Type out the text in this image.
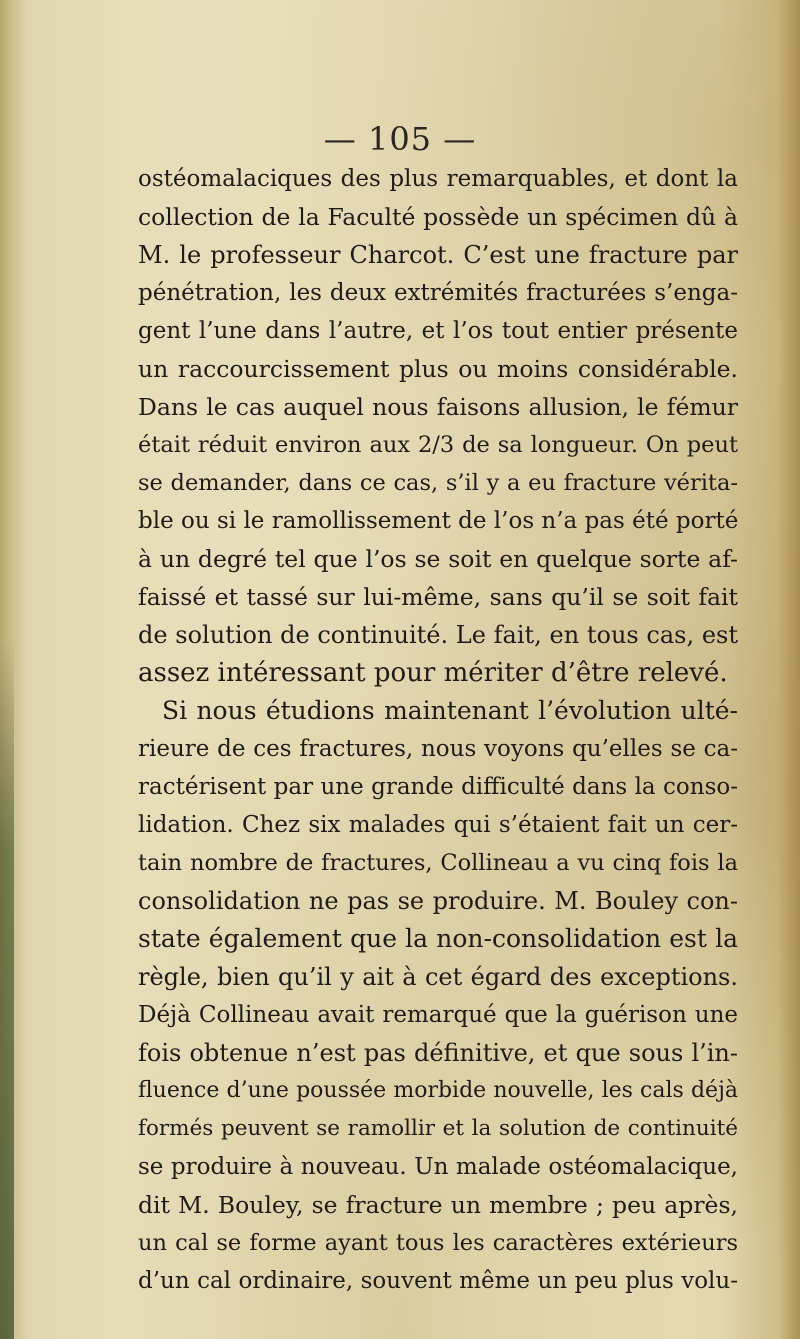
— 105 —
ostéomalaciques des plus remarquables, et dont la
collection de la Faculté possède un spécimen dû à
M. le professeur Charcot. C’est une fracture par
pénétration, les deux extrémités fracturées s’enga-
gent l’une dans l’autre, et l’os tout entier présente
un raccourcissement plus ou moins considérable.
Dans le cas auquel nous faisons allusion, le fémur
était réduit environ aux 2/3 de sa longueur. On peut
se demander, dans ce cas, s’il y a eu fracture vérita-
ble ou si le ramollissement de l’os n’a pas été porté
à un degré tel que l’os se soit en quelque sorte af-
faissé et tassé sur lui-même, sans qu’il se soit fait
de solution de continuité. Le fait, en tous cas, est
assez intéressant pour mériter d’être relevé.
Si nous étudions maintenant l’évolution ulté-
rieure de ces fractures, nous voyons qu’elles se ca-
ractérisent par une grande difficulté dans la conso-
lidation. Chez six malades qui s’étaient fait un cer-
tain nombre de fractures, Collineau a vu cinq fois la
consolidation ne pas se produire. M. Bouley con-
state également que la non-consolidation est la
règle, bien qu’il y ait à cet égard des exceptions.
Déjà Collineau avait remarqué que la guérison une
fois obtenue n’est pas définitive, et que sous l’in-
fluence d’une poussée morbide nouvelle, les cals déjà
formés peuvent se ramollir et la solution de continuité
se produire à nouveau. Un malade ostéomalacique,
dit M. Bouley, se fracture un membre ; peu après,
un cal se forme ayant tous les caractères extérieurs
d’un cal ordinaire, souvent même un peu plus volu-
